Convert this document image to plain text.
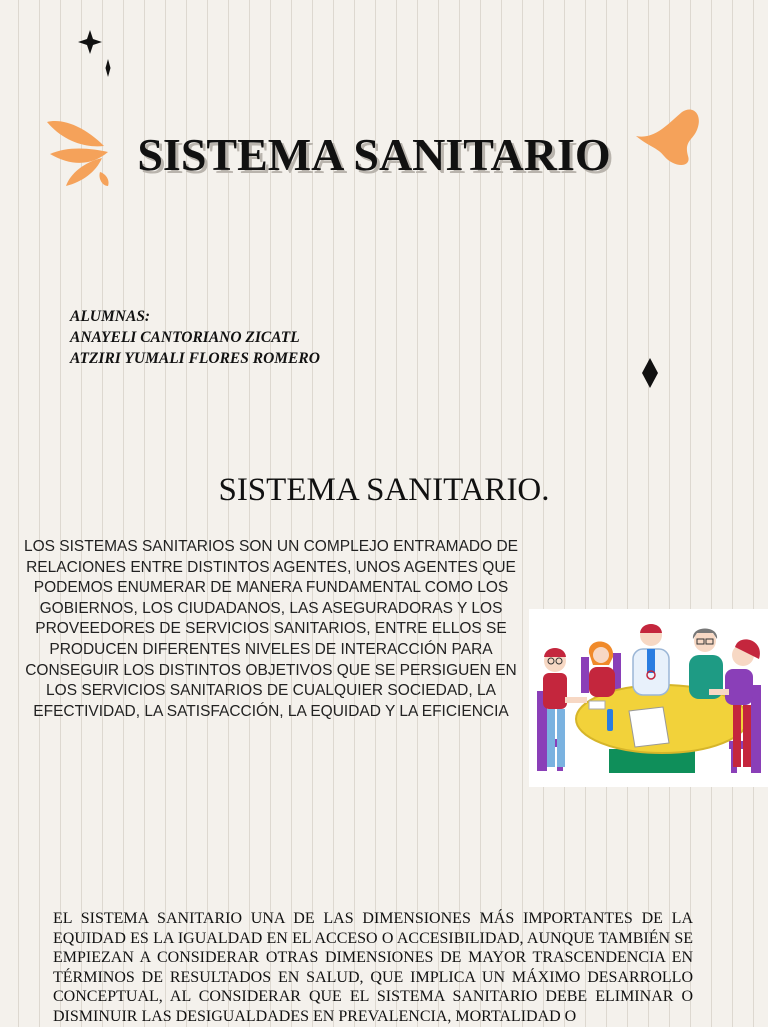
SISTEMA SANITARIO
ALUMNAS:
ANAYELI CANTORIANO ZICATL
ATZIRI YUMALI FLORES ROMERO
SISTEMA SANITARIO.
LOS SISTEMAS SANITARIOS SON UN COMPLEJO ENTRAMADO DE RELACIONES ENTRE DISTINTOS AGENTES, UNOS AGENTES QUE PODEMOS ENUMERAR DE MANERA FUNDAMENTAL COMO LOS GOBIERNOS, LOS CIUDADANOS, LAS ASEGURADORAS Y LOS PROVEEDORES DE SERVICIOS SANITARIOS, ENTRE ELLOS SE PRODUCEN DIFERENTES NIVELES DE INTERACCIÓN PARA CONSEGUIR LOS DISTINTOS OBJETIVOS QUE SE PERSIGUEN EN LOS SERVICIOS SANITARIOS DE CUALQUIER SOCIEDAD, LA EFECTIVIDAD, LA SATISFACCIÓN, LA EQUIDAD Y LA EFICIENCIA
EL SISTEMA SANITARIO UNA DE LAS DIMENSIONES MÁS IMPORTANTES DE LA EQUIDAD ES LA IGUALDAD EN EL ACCESO O ACCESIBILIDAD, AUNQUE TAMBIÉN SE EMPIEZAN A CONSIDERAR OTRAS DIMENSIONES DE MAYOR TRASCENDENCIA EN TÉRMINOS DE RESULTADOS EN SALUD, QUE IMPLICA UN MÁXIMO DESARROLLO CONCEPTUAL, AL CONSIDERAR QUE EL SISTEMA SANITARIO DEBE ELIMINAR O DISMINUIR LAS DESIGUALDADES EN PREVALENCIA, MORTALIDAD O
